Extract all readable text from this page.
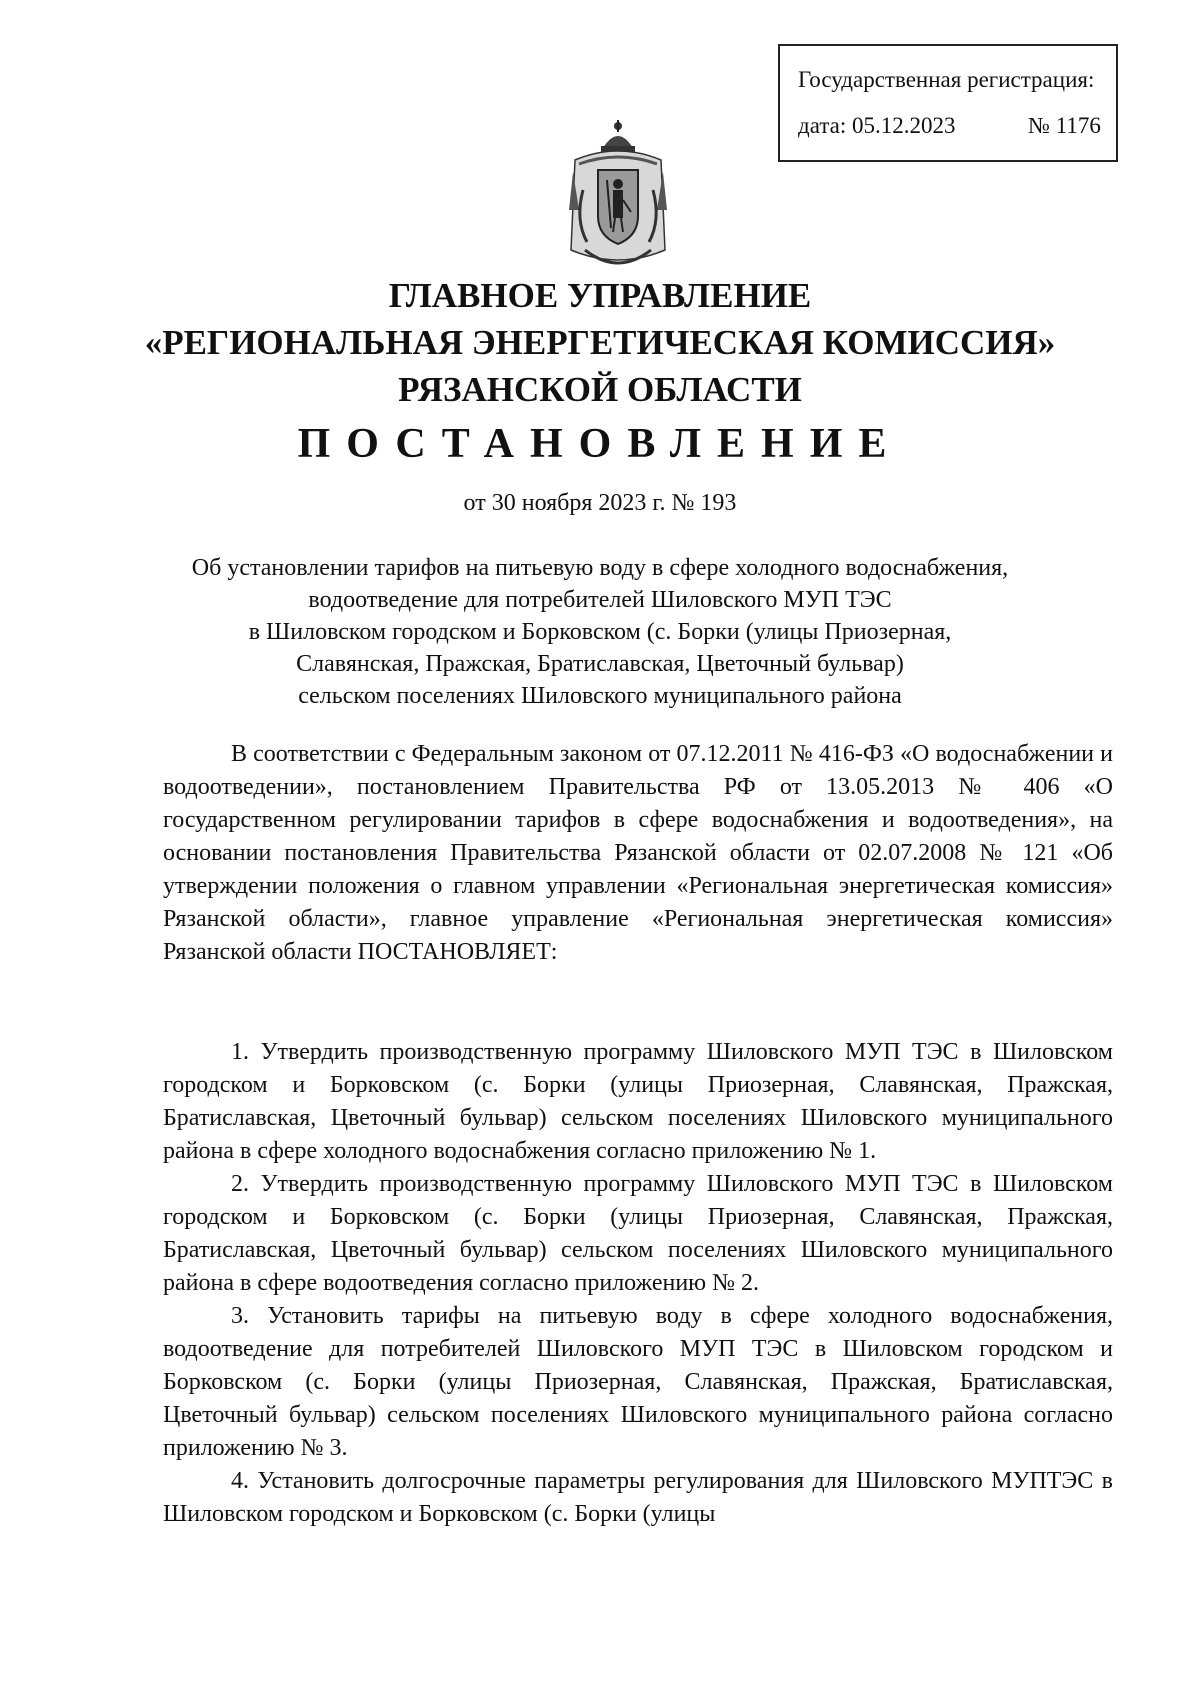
Государственная регистрация:
дата: 05.12.2023	№ 1176
ГЛАВНОЕ УПРАВЛЕНИЕ
«РЕГИОНАЛЬНАЯ ЭНЕРГЕТИЧЕСКАЯ КОМИССИЯ»
РЯЗАНСКОЙ ОБЛАСТИ
ПОСТАНОВЛЕНИЕ
от 30 ноября 2023 г. № 193
Об установлении тарифов на питьевую воду в сфере холодного водоснабжения,
водоотведение для потребителей Шиловского МУП ТЭС
в Шиловском городском и Борковском (с. Борки (улицы Приозерная,
Славянская, Пражская, Братиславская, Цветочный бульвар)
сельском поселениях Шиловского муниципального района

В соответствии с Федеральным законом от 07.12.2011 № 416-ФЗ «О водоснабжении и водоотведении», постановлением Правительства РФ от 13.05.2013 № 406 «О государственном регулировании тарифов в сфере водоснабжения и водоотведения», на основании постановления Правительства Рязанской области от 02.07.2008 № 121 «Об утверждении положения о главном управлении «Региональная энергетическая комиссия» Рязанской области», главное управление «Региональная энергетическая комиссия» Рязанской области ПОСТАНОВЛЯЕТ:

1. Утвердить производственную программу Шиловского МУП ТЭС в Шиловском городском и Борковском (с. Борки (улицы Приозерная, Славянская, Пражская, Братиславская, Цветочный бульвар) сельском поселениях Шиловского муниципального района в сфере холодного водоснабжения согласно приложению № 1.

2. Утвердить производственную программу Шиловского МУП ТЭС в Шиловском городском и Борковском (с. Борки (улицы Приозерная, Славянская, Пражская, Братиславская, Цветочный бульвар) сельском поселениях Шиловского муниципального района в сфере водоотведения согласно приложению № 2.

3. Установить тарифы на питьевую воду в сфере холодного водоснабжения, водоотведение для потребителей Шиловского МУП ТЭС в Шиловском городском и Борковском (с. Борки (улицы Приозерная, Славянская, Пражская, Братиславская, Цветочный бульвар) сельском поселениях Шиловского муниципального района согласно приложению № 3.

4. Установить долгосрочные параметры регулирования для Шиловского МУПТЭС в Шиловском городском и Борковском (с. Борки (улицы
